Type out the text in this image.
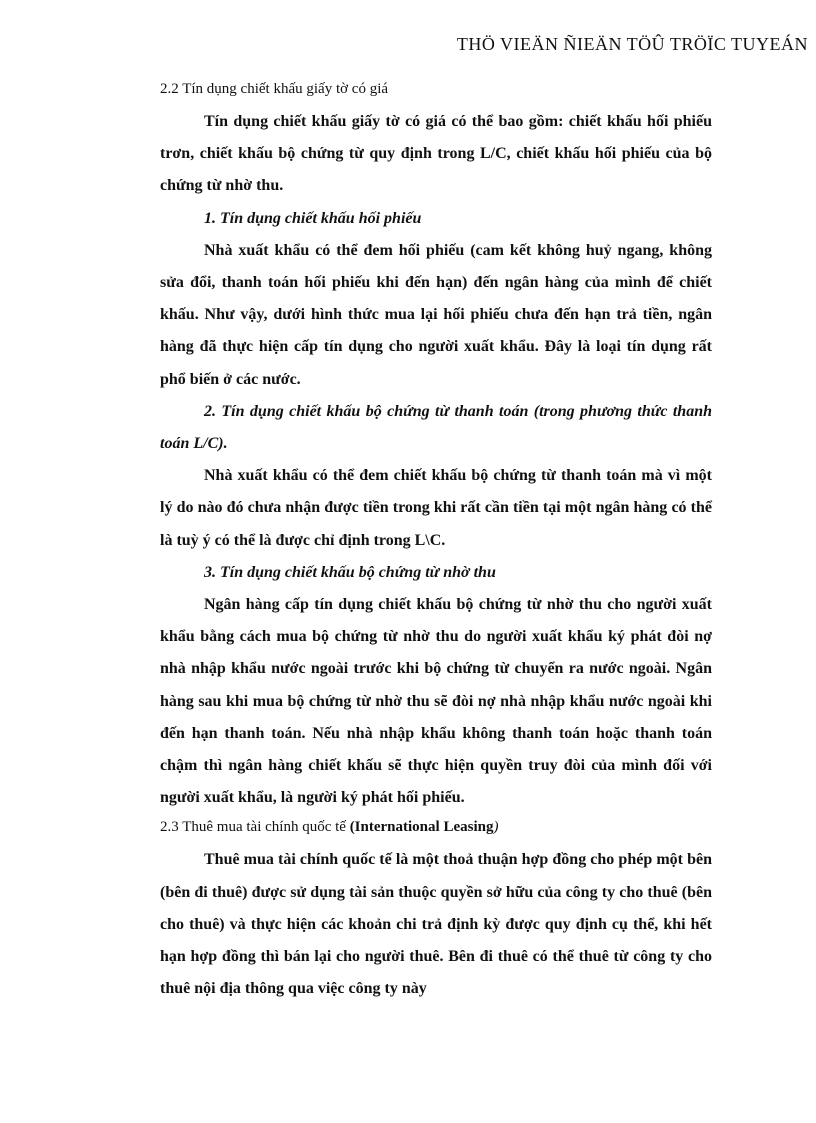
THÖ VIEÄN ÑIEÄN TÖÛ TRÖÏC TUYEÁN

2.2 Tín dụng chiết khấu giấy tờ có giá

Tín dụng chiết khấu giấy tờ có giá có thể bao gồm: chiết khấu hối phiếu trơn, chiết khấu bộ chứng từ quy định trong L/C, chiết khấu hối phiếu của bộ chứng từ nhờ thu.

1. Tín dụng chiết khấu hối phiếu

Nhà xuất khẩu có thể đem hối phiếu (cam kết không huỷ ngang, không sửa đổi, thanh toán hối phiếu khi đến hạn) đến ngân hàng của mình để chiết khấu. Như vậy, dưới hình thức mua lại hối phiếu chưa đến hạn trả tiền, ngân hàng đã thực hiện cấp tín dụng cho người xuất khẩu. Đây là loại tín dụng rất phổ biến ở các nước.

2. Tín dụng chiết khấu bộ chứng từ thanh toán (trong phương thức thanh toán L/C).

Nhà xuất khẩu có thể đem chiết khấu bộ chứng từ thanh toán mà vì một lý do nào đó chưa nhận được tiền trong khi rất cần tiền tại một ngân hàng có thể là tuỳ ý có thể là được chỉ định trong L\C.

3. Tín dụng chiết khấu bộ chứng từ nhờ thu

Ngân hàng cấp tín dụng chiết khấu bộ chứng từ nhờ thu cho người xuất khẩu bằng cách mua bộ chứng từ nhờ thu do người xuất khẩu ký phát đòi nợ nhà nhập khẩu nước ngoài trước khi bộ chứng từ chuyển ra nước ngoài. Ngân hàng sau khi mua bộ chứng từ nhờ thu sẽ đòi nợ nhà nhập khẩu nước ngoài khi đến hạn thanh toán. Nếu nhà nhập khẩu không thanh toán hoặc thanh toán chậm thì ngân hàng chiết khấu sẽ thực hiện quyền truy đòi của mình đối với người xuất khẩu, là người ký phát hối phiếu.

2.3 Thuê mua tài chính quốc tế (International Leasing)

Thuê mua tài chính quốc tế là một thoả thuận hợp đồng cho phép một bên (bên đi thuê) được sử dụng tài sản thuộc quyền sở hữu của công ty cho thuê (bên cho thuê) và thực hiện các khoản chi trả định kỳ được quy định cụ thể, khi hết hạn hợp đồng thì bán lại cho người thuê. Bên đi thuê có thể thuê từ công ty cho thuê nội địa thông qua việc công ty này
